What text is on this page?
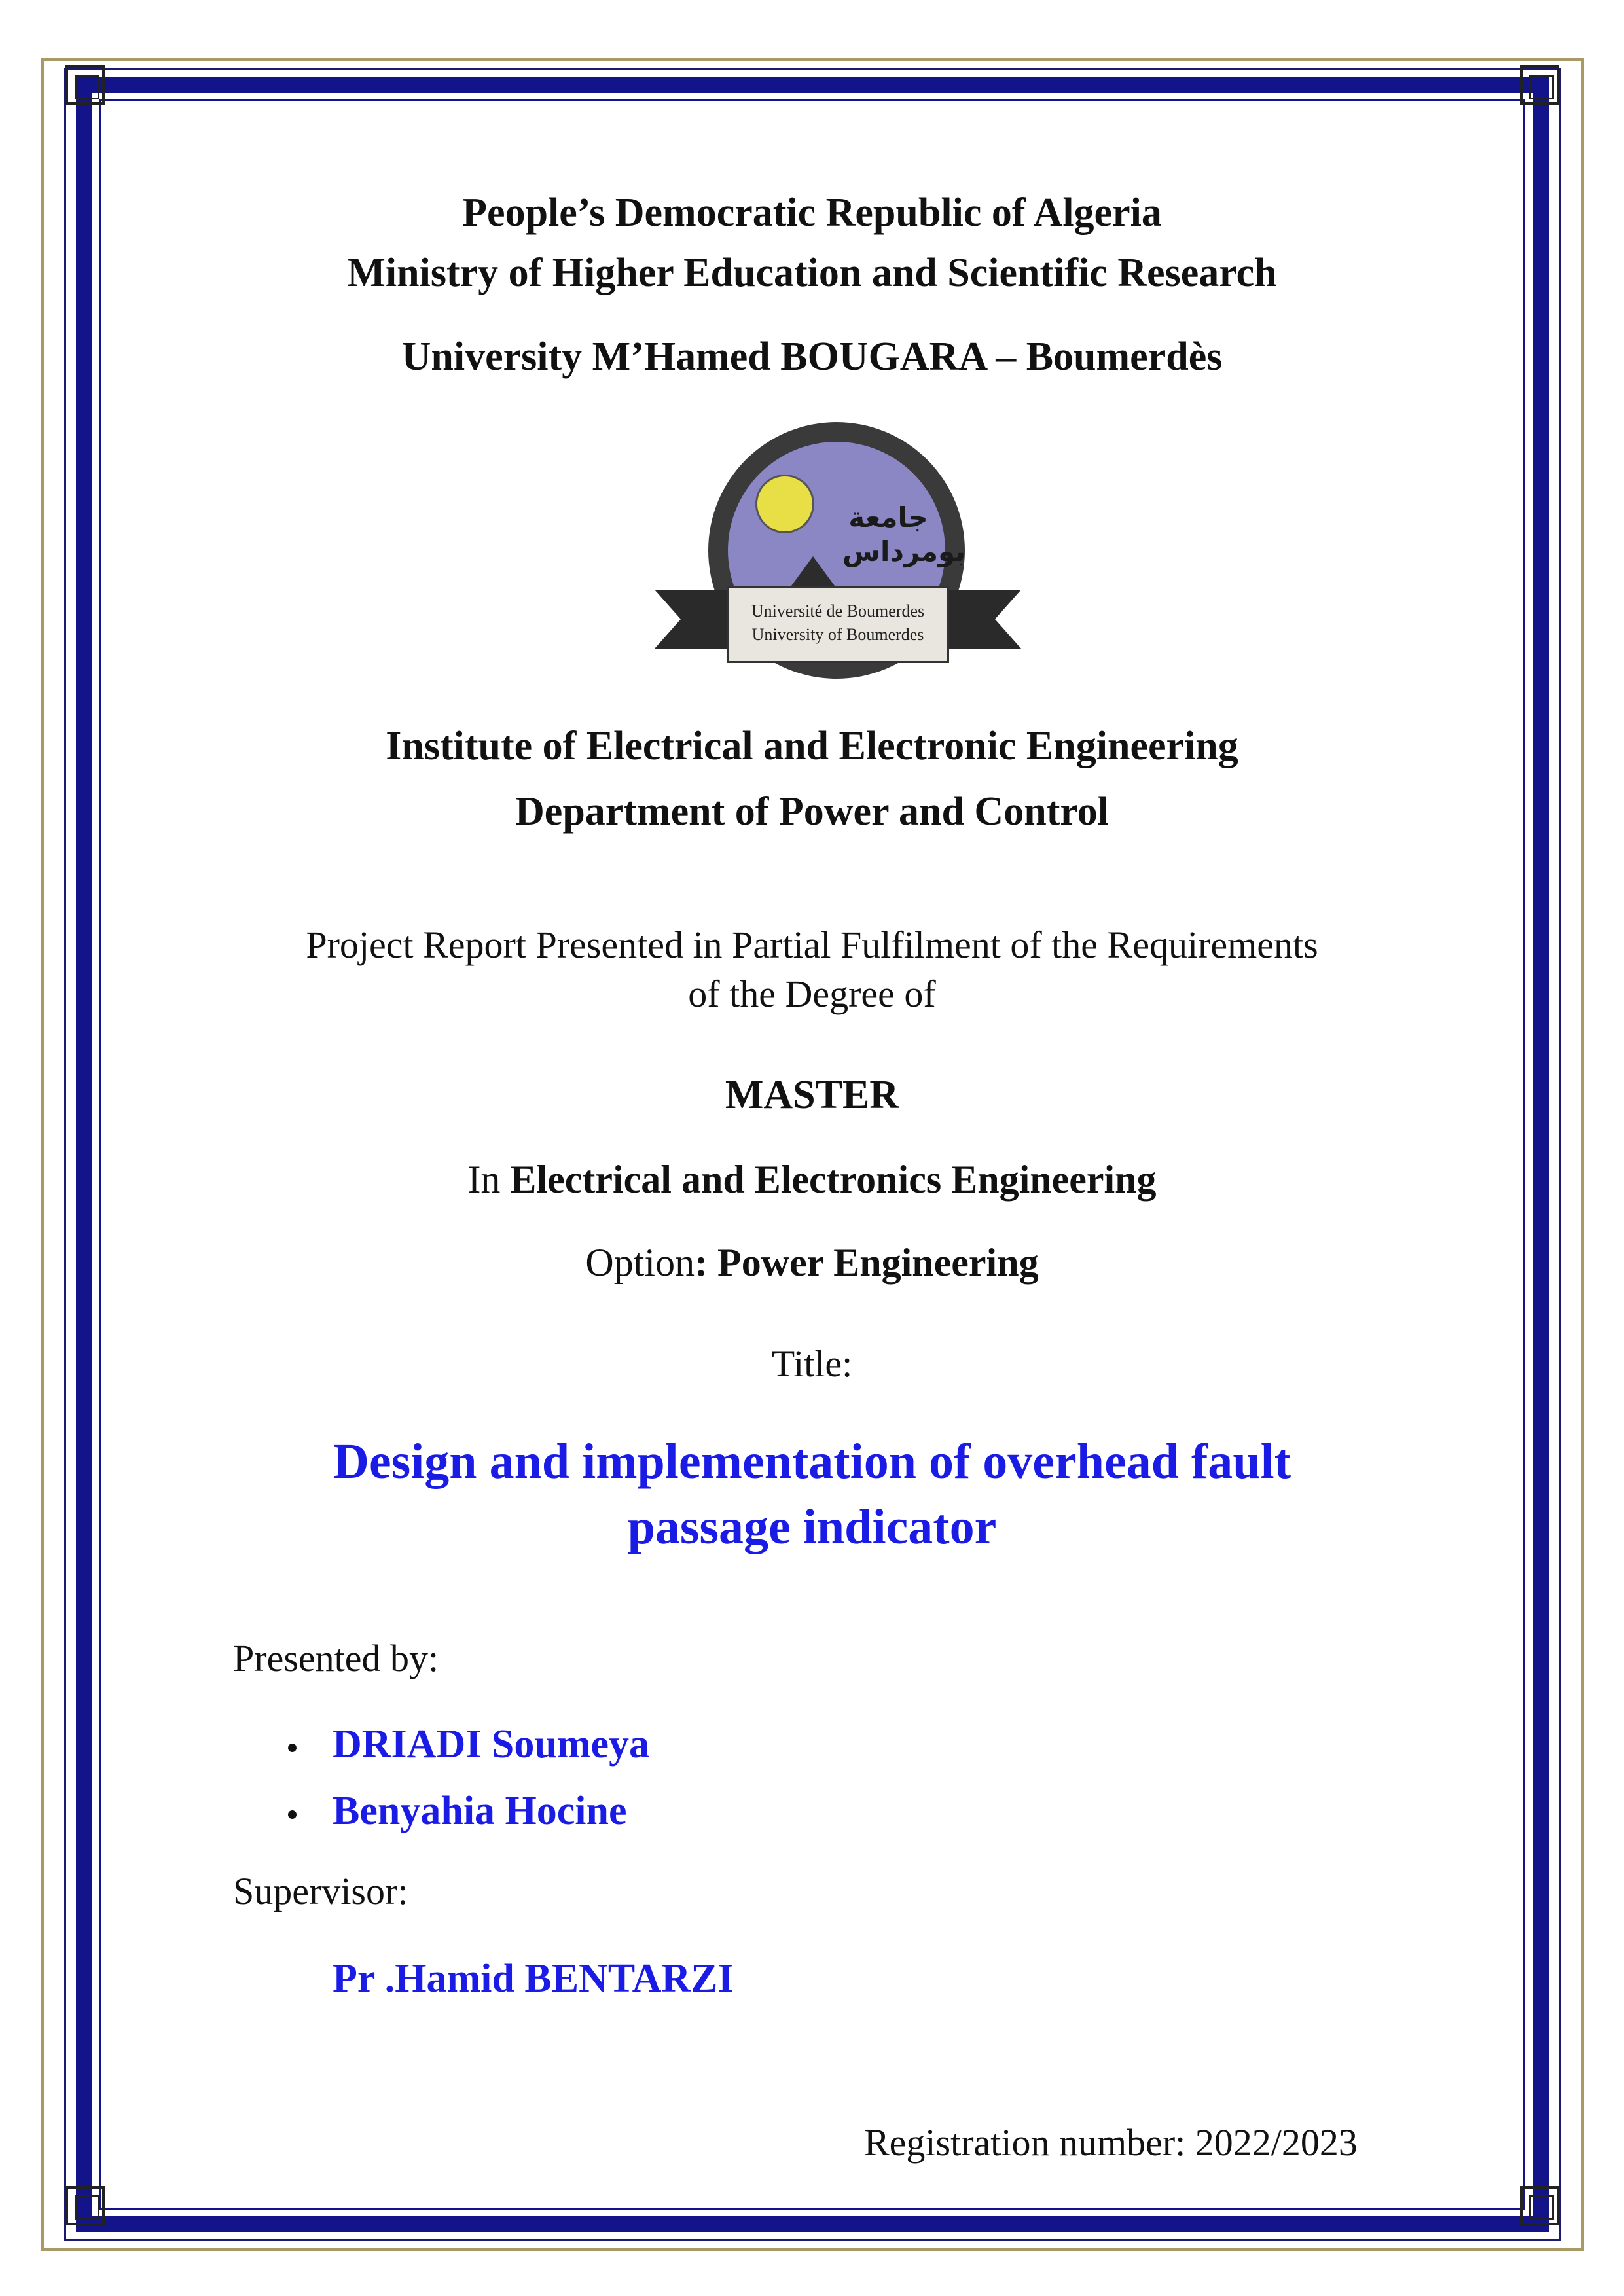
People’s Democratic Republic of Algeria
Ministry of Higher Education and Scientific Research
University M’Hamed BOUGARA – Boumerdès
جامعة
بومرداس
Université de Boumerdes
University of Boumerdes
Institute of Electrical and Electronic Engineering
Department of Power and Control
Project Report Presented in Partial Fulfilment of the Requirements
of the Degree of
MASTER
In Electrical and Electronics Engineering
Option: Power Engineering
Title:
Design and implementation of overhead fault
passage indicator
Presented by:
DRIADI Soumeya
Benyahia Hocine
Supervisor:
Pr .Hamid BENTARZI
Registration number: 2022/2023
